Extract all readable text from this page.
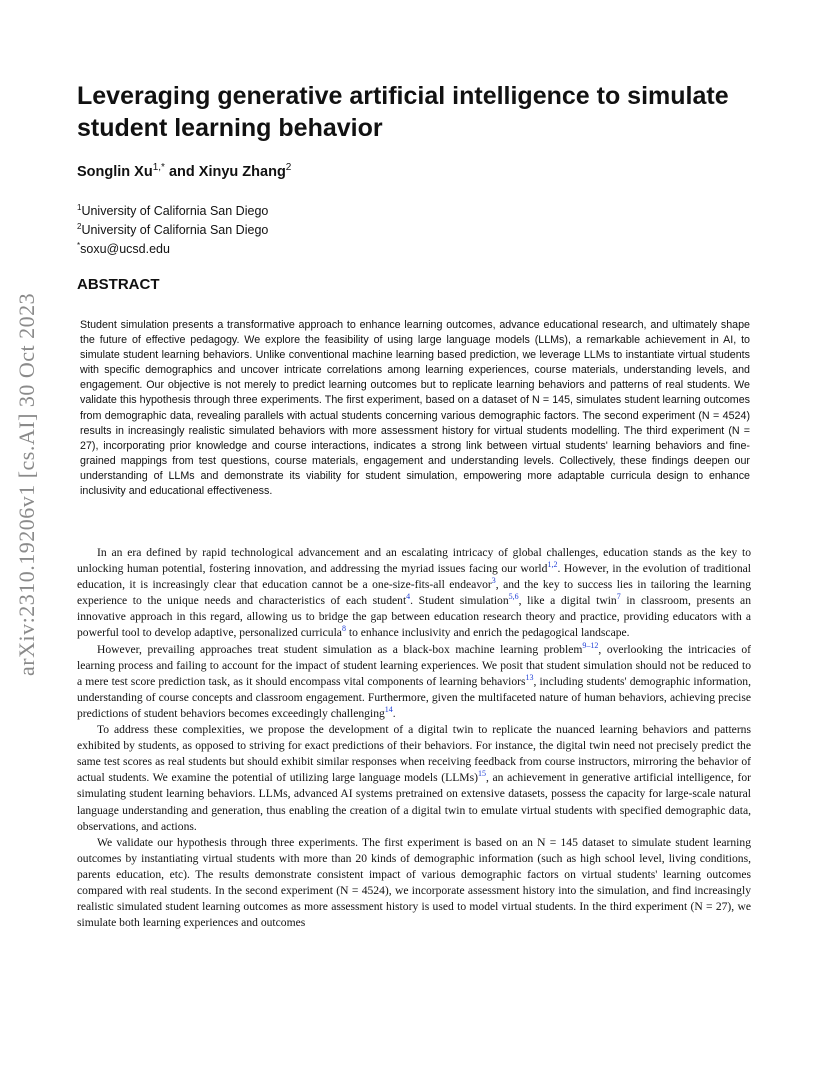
arXiv:2310.19206v1 [cs.AI] 30 Oct 2023
Leveraging generative artificial intelligence to simulate student learning behavior
Songlin $Xu^{1,*}$ and Xinyu Zhang$^2$
$^1$University of California San Diego
$^2$University of California San Diego
*soxu@ucsd.edu
ABSTRACT
Student simulation presents a transformative approach to enhance learning outcomes, advance educational research, and ultimately shape the future of effective pedagogy. We explore the feasibility of using large language models (LLMs), a remarkable achievement in AI, to simulate student learning behaviors. Unlike conventional machine learning based prediction, we leverage LLMs to instantiate virtual students with specific demographics and uncover intricate correlations among learning experiences, course materials, understanding levels, and engagement. Our objective is not merely to predict learning outcomes but to replicate learning behaviors and patterns of real students. We validate this hypothesis through three experiments. The first experiment, based on a dataset of N = 145, simulates student learning outcomes from demographic data, revealing parallels with actual students concerning various demographic factors. The second experiment (N = 4524) results in increasingly realistic simulated behaviors with more assessment history for virtual students modelling. The third experiment (N = 27), incorporating prior knowledge and course interactions, indicates a strong link between virtual students' learning behaviors and fine-grained mappings from test questions, course materials, engagement and understanding levels. Collectively, these findings deepen our understanding of LLMs and demonstrate its viability for student simulation, empowering more adaptable curricula design to enhance inclusivity and educational effectiveness.

In an era defined by rapid technological advancement and an escalating intricacy of global challenges, education stands as the key to unlocking human potential, fostering innovation, and addressing the myriad issues facing our world$^{1,2}$. However, in the evolution of traditional education, it is increasingly clear that education cannot be a one-size-fits-all endeavor$^3$, and the key to success lies in tailoring the learning experience to the unique needs and characteristics of each student$^4$. Student simulation$^{5,6}$, like a digital twin$^7$ in classroom, presents an innovative approach in this regard, allowing us to bridge the gap between education research theory and practice, providing educators with a powerful tool to develop adaptive, personalized curricula$^8$ to enhance inclusivity and enrich the pedagogical landscape.

However, prevailing approaches treat student simulation as a black-box machine learning problem$^{9-12}$, overlooking the intricacies of learning process and failing to account for the impact of student learning experiences. We posit that student simulation should not be reduced to a mere test score prediction task, as it should encompass vital components of learning behaviors$^{13}$, including students' demographic information, understanding of course concepts and classroom engagement. Furthermore, given the multifaceted nature of human behaviors, achieving precise predictions of student behaviors becomes exceedingly challenging$^{14}$.

To address these complexities, we propose the development of a digital twin to replicate the nuanced learning behaviors and patterns exhibited by students, as opposed to striving for exact predictions of their behaviors. For instance, the digital twin need not precisely predict the same test scores as real students but should exhibit similar responses when receiving feedback from course instructors, mirroring the behavior of actual students. We examine the potential of utilizing large language models (LLMs)$^{15}$, an achievement in generative artificial intelligence, for simulating student learning behaviors. LLMs, advanced AI systems pretrained on extensive datasets, possess the capacity for large-scale natural language understanding and generation, thus enabling the creation of a digital twin to emulate virtual students with specified demographic data, observations, and actions.

We validate our hypothesis through three experiments. The first experiment is based on an N = 145 dataset to simulate student learning outcomes by instantiating virtual students with more than 20 kinds of demographic information (such as high school level, living conditions, parents education, etc). The results demonstrate consistent impact of various demographic factors on virtual students' learning outcomes compared with real students. In the second experiment (N = 4524), we incorporate assessment history into the simulation, and find increasingly realistic simulated student learning outcomes as more assessment history is used to model virtual students. In the third experiment (N = 27), we simulate both learning experiences and outcomes
